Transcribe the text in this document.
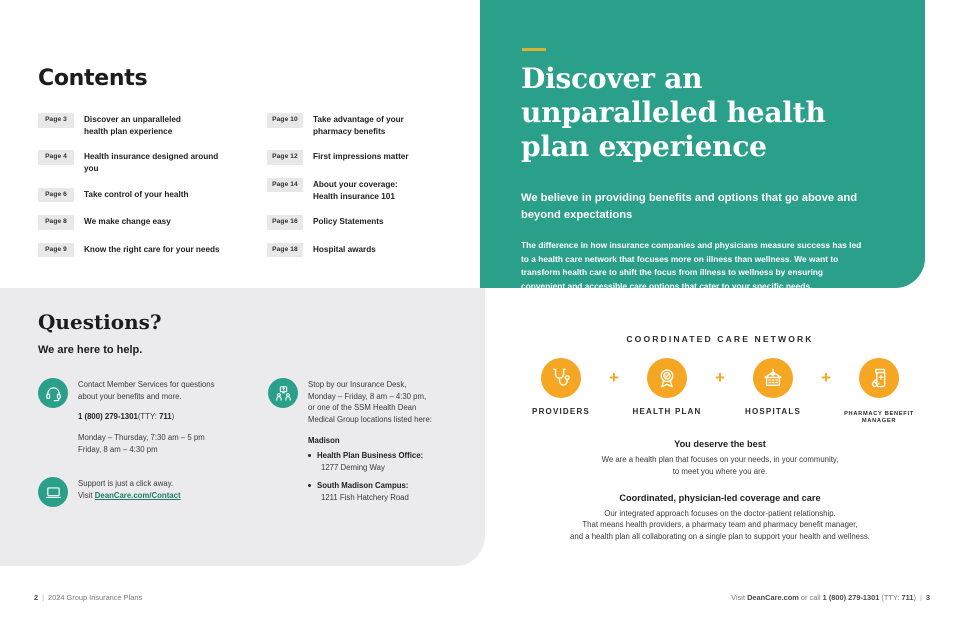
Discover an unparalleled health plan experience

We believe in providing benefits and options that go above and beyond expectations

The difference in how insurance companies and physicians measure success has led to a health care network that focuses more on illness than wellness. We want to transform health care to shift the focus from illness to wellness by ensuring convenient and accessible care options that cater to your specific needs.

Contents
Page 3	Discover an unparalleled
health plan experience
Page 4	Health insurance designed around you
Page 6	Take control of your health
Page 8	We make change easy
Page 9	Know the right care for your needs
Page 10	Take advantage of your
pharmacy benefits
Page 12	First impressions matter
Page 14	About your coverage:
Health insurance 101
Page 16	Policy Statements
Page 18	Hospital awards
Questions?
We are here to help.
Contact Member Services for questions
about your benefits and more.
1 (800) 279-1301(TTY: 711)
Monday – Thursday, 7:30 am – 5 pm
Friday, 8 am – 4:30 pm
Support is just a click away.
Visit DeanCare.com/Contact
Stop by our Insurance Desk,
Monday – Friday, 8 am – 4:30 pm,
or one of the SSM Health Dean
Medical Group locations listed here:
Madison
Health Plan Business Office:
1277 Deming Way
South Madison Campus:
1211 Fish Hatchery Road
COORDINATED CARE NETWORK
PROVIDERS
+
HEALTH PLAN
+
HOSPITALS
+
PHARMACY BENEFIT
MANAGER
You deserve the best
We are a health plan that focuses on your needs, in your community,
to meet you where you are.
Coordinated, physician-led coverage and care
Our integrated approach focuses on the doctor-patient relationship.
That means health providers, a pharmacy team and pharmacy benefit manager,
and a health plan all collaborating on a single plan to support your health and wellness.
2 | 2024 Group Insurance Plans	Visit DeanCare.com or call 1 (800) 279-1301 (TTY: 711) | 3
